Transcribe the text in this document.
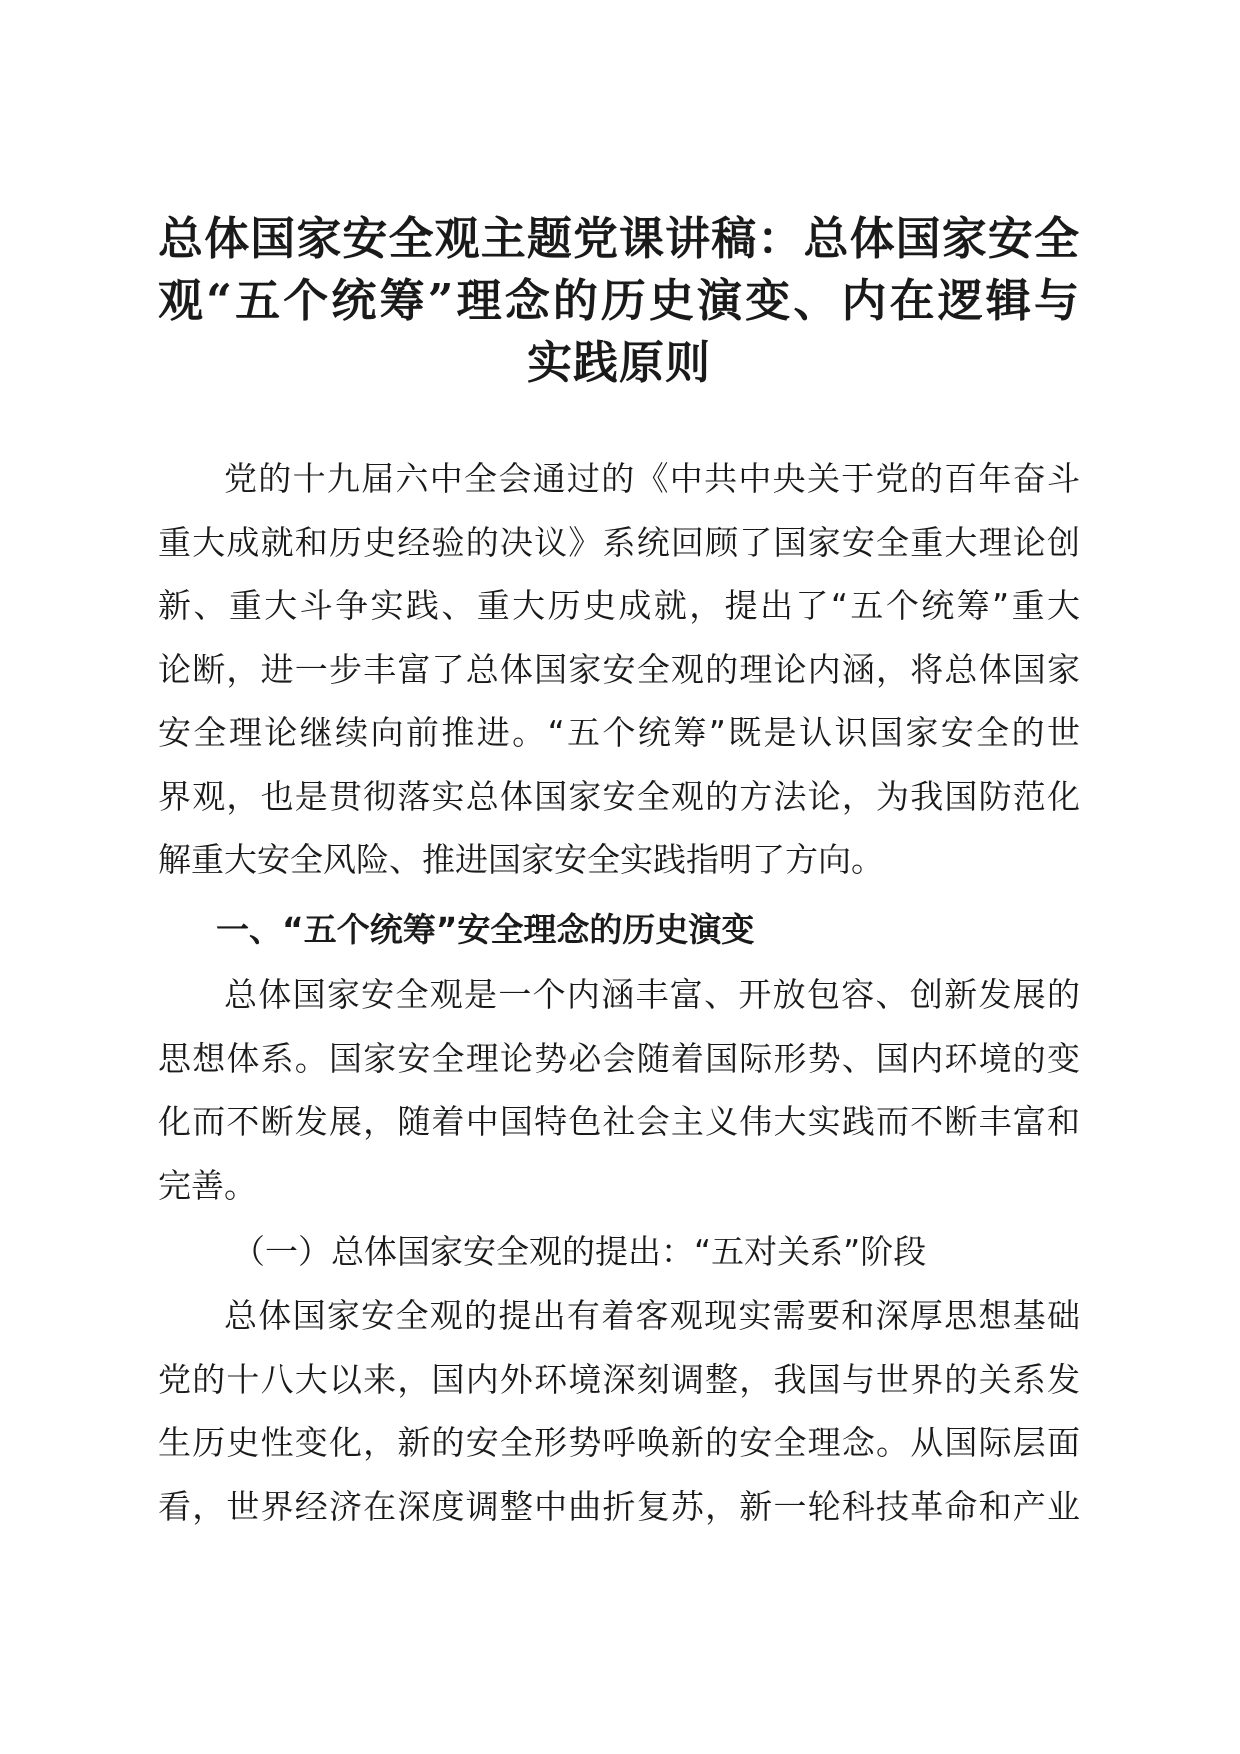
总体国家安全观主题党课讲稿：总体国家安全
观“五个统筹”理念的历史演变、内在逻辑与
实践原则
党的十九届六中全会通过的《中共中央关于党的百年奋斗
重大成就和历史经验的决议》系统回顾了国家安全重大理论创
新、重大斗争实践、重大历史成就，提出了“五个统筹”重大
论断，进一步丰富了总体国家安全观的理论内涵，将总体国家
安全理论继续向前推进。“五个统筹”既是认识国家安全的世
界观，也是贯彻落实总体国家安全观的方法论，为我国防范化
解重大安全风险、推进国家安全实践指明了方向。
一、“五个统筹”安全理念的历史演变
总体国家安全观是一个内涵丰富、开放包容、创新发展的
思想体系。国家安全理论势必会随着国际形势、国内环境的变
化而不断发展，随着中国特色社会主义伟大实践而不断丰富和
完善。
（一）总体国家安全观的提出：“五对关系”阶段
总体国家安全观的提出有着客观现实需要和深厚思想基础
党的十八大以来，国内外环境深刻调整，我国与世界的关系发
生历史性变化，新的安全形势呼唤新的安全理念。从国际层面
看，世界经济在深度调整中曲折复苏，新一轮科技革命和产业
